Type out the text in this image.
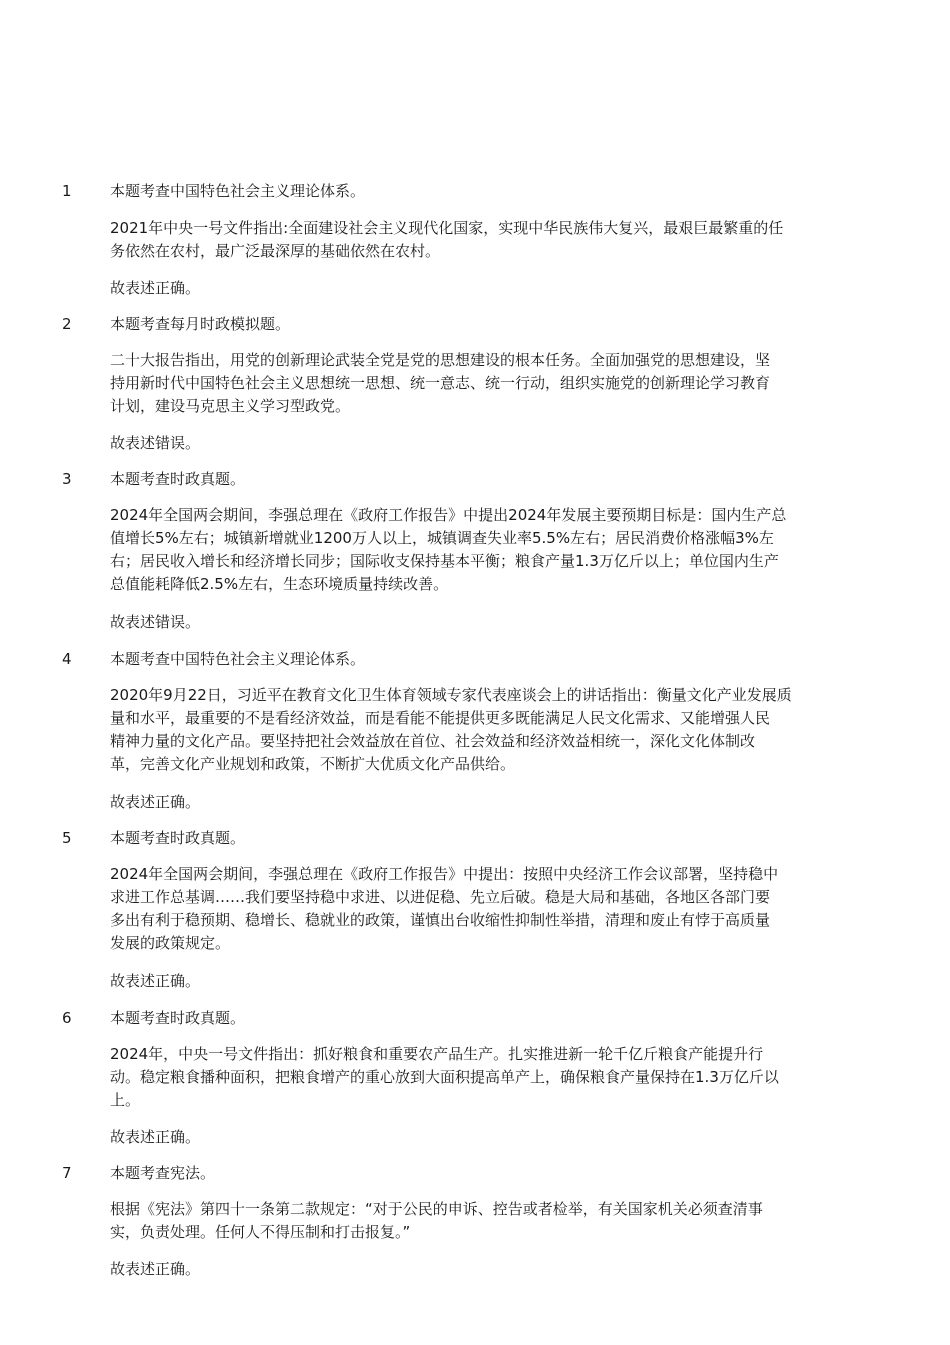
1	本题考查中国特色社会主义理论体系。
2021年中央一号文件指出:全面建设社会主义现代化国家，实现中华民族伟大复兴，最艰巨最繁重的任
务依然在农村，最广泛最深厚的基础依然在农村。
故表述正确。
2	本题考查每月时政模拟题。
二十大报告指出，用党的创新理论武装全党是党的思想建设的根本任务。全面加强党的思想建设，坚
持用新时代中国特色社会主义思想统一思想、统一意志、统一行动，组织实施党的创新理论学习教育
计划，建设马克思主义学习型政党。
故表述错误。
3	本题考查时政真题。
2024年全国两会期间，李强总理在《政府工作报告》中提出2024年发展主要预期目标是：国内生产总
值增长5%左右；城镇新增就业1200万人以上，城镇调查失业率5.5%左右；居民消费价格涨幅3%左
右；居民收入增长和经济增长同步；国际收支保持基本平衡；粮食产量1.3万亿斤以上；单位国内生产
总值能耗降低2.5%左右，生态环境质量持续改善。
故表述错误。
4	本题考查中国特色社会主义理论体系。
2020年9月22日，习近平在教育文化卫生体育领域专家代表座谈会上的讲话指出：衡量文化产业发展质
量和水平，最重要的不是看经济效益，而是看能不能提供更多既能满足人民文化需求、又能增强人民
精神力量的文化产品。要坚持把社会效益放在首位、社会效益和经济效益相统一，深化文化体制改
革，完善文化产业规划和政策，不断扩大优质文化产品供给。
故表述正确。
5	本题考查时政真题。
2024年全国两会期间，李强总理在《政府工作报告》中提出：按照中央经济工作会议部署，坚持稳中
求进工作总基调……我们要坚持稳中求进、以进促稳、先立后破。稳是大局和基础，各地区各部门要
多出有利于稳预期、稳增长、稳就业的政策，谨慎出台收缩性抑制性举措，清理和废止有悖于高质量
发展的政策规定。
故表述正确。
6	本题考查时政真题。
2024年，中央一号文件指出：抓好粮食和重要农产品生产。扎实推进新一轮千亿斤粮食产能提升行
动。稳定粮食播种面积，把粮食增产的重心放到大面积提高单产上，确保粮食产量保持在1.3万亿斤以
上。
故表述正确。
7	本题考查宪法。
根据《宪法》第四十一条第二款规定：“对于公民的申诉、控告或者检举，有关国家机关必须查清事
实，负责处理。任何人不得压制和打击报复。”
故表述正确。
